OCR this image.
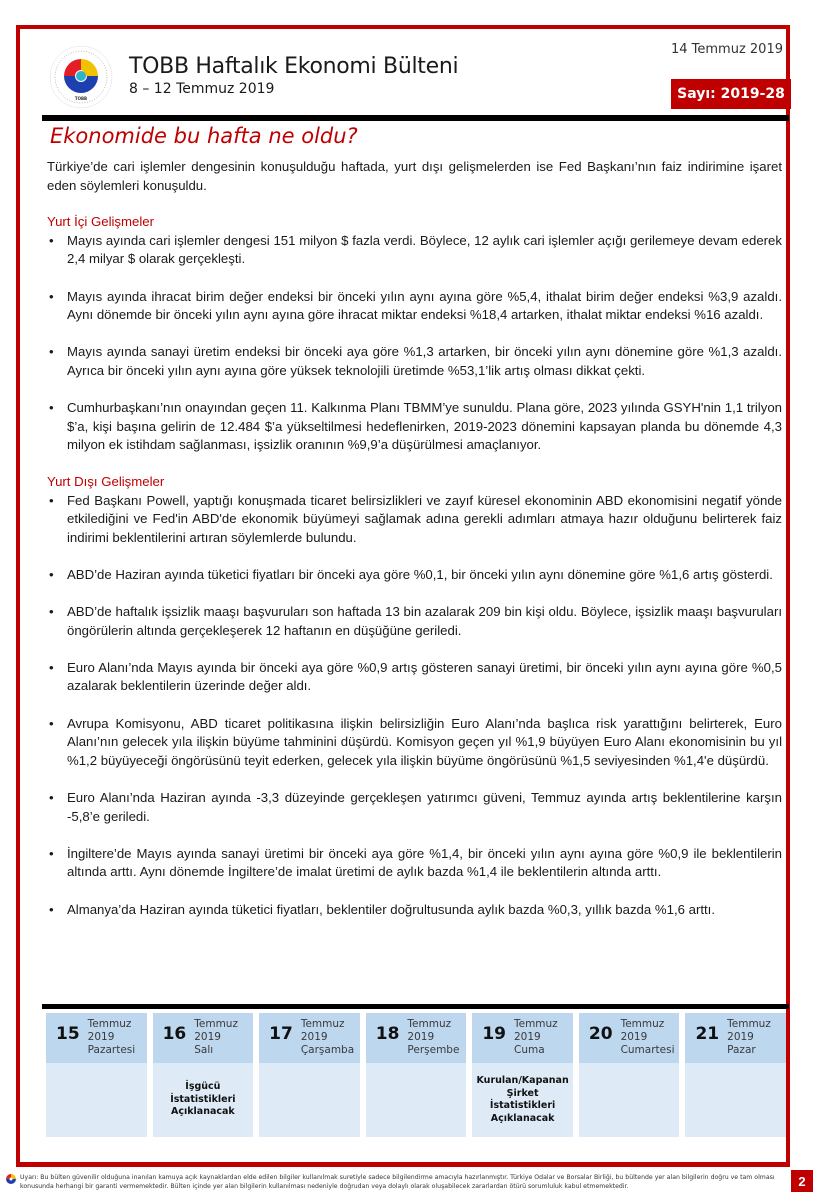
TOBB
TOBB Haftalık Ekonomi Bülteni
8 – 12 Temmuz 2019
14 Temmuz 2019
Sayı: 2019-28
Ekonomide bu hafta ne oldu?

Türkiye’de cari işlemler dengesinin konuşulduğu haftada, yurt dışı gelişmelerden ise Fed Başkanı’nın faiz indirimine işaret eden söylemleri konuşuldu.

Yurt İçi Gelişmeler
• Mayıs ayında cari işlemler dengesi 151 milyon $ fazla verdi. Böylece, 12 aylık cari işlemler açığı gerilemeye devam ederek 2,4 milyar $ olarak gerçekleşti.
• Mayıs ayında ihracat birim değer endeksi bir önceki yılın aynı ayına göre %5,4, ithalat birim değer endeksi %3,9 azaldı. Aynı dönemde bir önceki yılın aynı ayına göre ihracat miktar endeksi %18,4 artarken, ithalat miktar endeksi %16 azaldı.
• Mayıs ayında sanayi üretim endeksi bir önceki aya göre %1,3 artarken, bir önceki yılın aynı dönemine göre %1,3 azaldı. Ayrıca bir önceki yılın aynı ayına göre yüksek teknolojili üretimde %53,1’lik artış olması dikkat çekti.
• Cumhurbaşkanı’nın onayından geçen 11. Kalkınma Planı TBMM’ye sunuldu. Plana göre, 2023 yılında GSYH'nin 1,1 trilyon $’a, kişi başına gelirin de 12.484 $’a yükseltilmesi hedeflenirken, 2019-2023 dönemini kapsayan planda bu dönemde 4,3 milyon ek istihdam sağlanması, işsizlik oranının %9,9’a düşürülmesi amaçlanıyor.
Yurt Dışı Gelişmeler
• Fed Başkanı Powell, yaptığı konuşmada ticaret belirsizlikleri ve zayıf küresel ekonominin ABD ekonomisini negatif yönde etkilediğini ve Fed'in ABD'de ekonomik büyümeyi sağlamak adına gerekli adımları atmaya hazır olduğunu belirterek faiz indirimi beklentilerini artıran söylemlerde bulundu.
• ABD’de Haziran ayında tüketici fiyatları bir önceki aya göre %0,1, bir önceki yılın aynı dönemine göre %1,6 artış gösterdi.
• ABD’de haftalık işsizlik maaşı başvuruları son haftada 13 bin azalarak 209 bin kişi oldu. Böylece, işsizlik maaşı başvuruları öngörülerin altında gerçekleşerek 12 haftanın en düşüğüne geriledi.
• Euro Alanı’nda Mayıs ayında bir önceki aya göre %0,9 artış gösteren sanayi üretimi, bir önceki yılın aynı ayına göre %0,5 azalarak beklentilerin üzerinde değer aldı.
• Avrupa Komisyonu, ABD ticaret politikasına ilişkin belirsizliğin Euro Alanı’nda başlıca risk yarattığını belirterek, Euro Alanı’nın gelecek yıla ilişkin büyüme tahminini düşürdü. Komisyon geçen yıl %1,9 büyüyen Euro Alanı ekonomisinin bu yıl %1,2 büyüyeceği öngörüsünü teyit ederken, gelecek yıla ilişkin büyüme öngörüsünü %1,5 seviyesinden %1,4'e düşürdü.
• Euro Alanı’nda Haziran ayında -3,3 düzeyinde gerçekleşen yatırımcı güveni, Temmuz ayında artış beklentilerine karşın -5,8’e geriledi.
• İngiltere’de Mayıs ayında sanayi üretimi bir önceki aya göre %1,4, bir önceki yılın aynı ayına göre %0,9 ile beklentilerin altında arttı. Aynı dönemde İngiltere’de imalat üretimi de aylık bazda %1,4 ile beklentilerin altında arttı.
• Almanya’da Haziran ayında tüketici fiyatları, beklentiler doğrultusunda aylık bazda %0,3, yıllık bazda %1,6 arttı.
15 Temmuz 2019
Pazartesi
16 Temmuz 2019
Salı
İşgücü İstatistikleri Açıklanacak
17 Temmuz 2019
Çarşamba
18 Temmuz 2019
Perşembe
19 Temmuz 2019
Cuma
Kurulan/Kapanan Şirket İstatistikleri Açıklanacak
20 Temmuz 2019
Cumartesi
21 Temmuz 2019
Pazar
Uyarı: Bu bülten güvenilir olduğuna inanılan kamuya açık kaynaklardan elde edilen bilgiler kullanılmak suretiyle sadece bilgilendirme amacıyla hazırlanmıştır. Türkiye Odalar ve Borsalar Birliği, bu bültende yer alan bilgilerin doğru ve tam olması konusunda herhangi bir garanti vermemektedir. Bülten içinde yer alan bilgilerin kullanılması nedeniyle doğrudan veya dolaylı olarak oluşabilecek zararlardan ötürü sorumluluk kabul etmemektedir.	2
